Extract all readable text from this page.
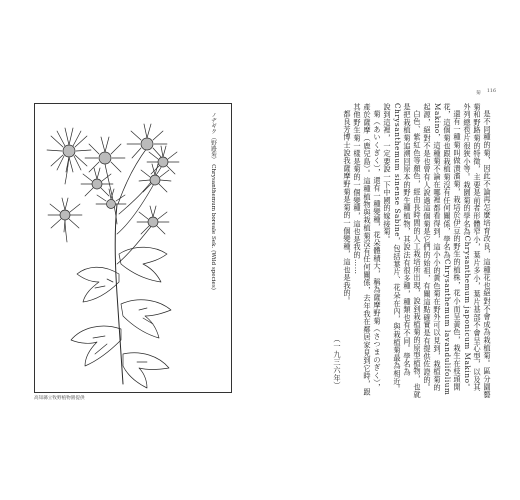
ノヂギク（野路菊） Chrysanthemum boreale Sek. (Wild species)
高知縣立牧野植物園提供
菊 116

是不同種的菊，因此不論再怎麼培育改良，這種花也絕對不會成為栽植菊。區分園藝菊和野路菊的特徵，主要是前者形體窄小，葉片多小，葉片基部不會呈心型，以及其外列總苞片很狹小等。栽園菊的學名為Chrysanthemum japonicum Makino。

還有一種菊叫做潰濱菊，栽培於伊豆的野生的植株，花小而呈黃色，栽生在枝頭開花，這個菊也跟栽植菊沒有任何關係，學名為Chrysanthemum lavandulifolium Makino，這種菊不論在哪裡都看得到，這小小的黃色菊在野外可以見到，栽植菊的起源，絕對不是也曾有人說過這個菊是它們的始祖，有關這點確實是有提供佐證的。

白色、紫紅色等顏色，經由長時間的人工栽培所出現，說到栽植菊的原型植物，也就是把栽植菊追溯回原本的野生種植物，其說法有很多種，種類也有不同。學名為Chrysanthemum sinense Sabine，包括葉片、花朵在內，與栽植菊最為相近。說到這裡，一定要說一下中國的嫁接菊。

菊（あいくぎく），還有一種變種，花朵體積大，稱為薩摩野菊（さつまのぎく），產於薩摩（鹿兒島）。這種植物與栽植菊沒有任何關係，去年我在鄰居家見到它時，跟其他野生菊一樣是菊的一個變種，這也是我的……

都良芳博士說我薩摩野菊是菊的一個變種，這也是我的。

（一九三六年）
